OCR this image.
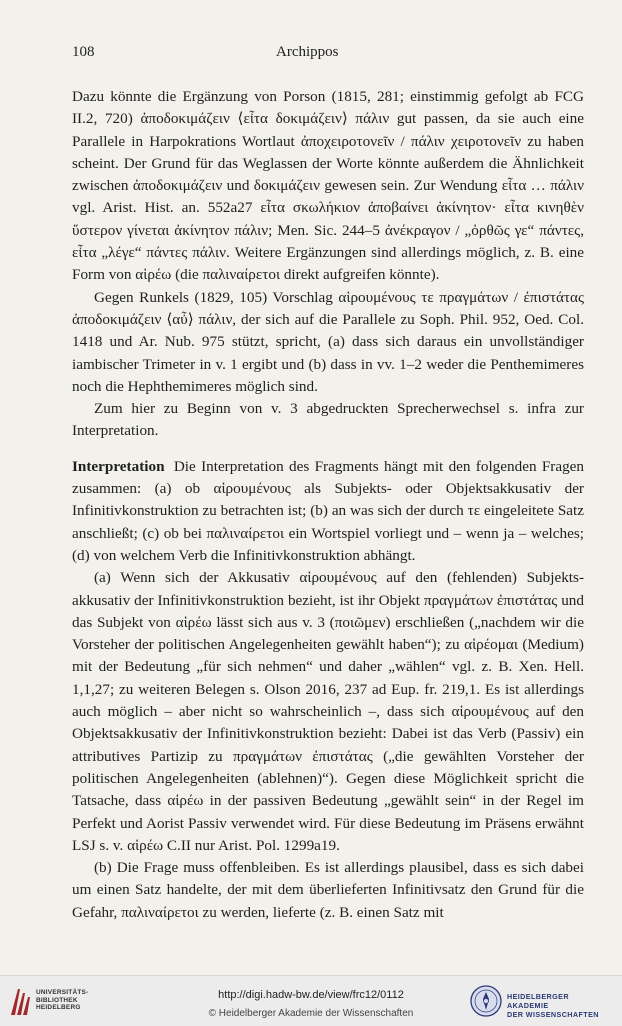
108	Archippos

Dazu könnte die Ergänzung von Porson (1815, 281; einstimmig gefolgt ab FCG II.2, 720) ἀποδοκιμάζειν ⟨εἶτα δοκιμάζειν⟩ πάλιν gut passen, da sie auch eine Parallele in Harpokrations Wortlaut ἀποχειροτονεῖν / πάλιν χειροτονεῖν zu haben scheint. Der Grund für das Weglassen der Worte könnte außerdem die Ähnlichkeit zwischen ἀποδοκιμάζειν und δοκιμάζειν gewesen sein. Zur Wendung εἶτα … πάλιν vgl. Arist. Hist. an. 552a27 εἶτα σκωλήκιον ἀποβαίνει ἀκίνητον· εἶτα κινηθὲν ὕστερον γίνεται ἀκίνητον πάλιν; Men. Sic. 244–5 ἀνέκραγον / „ὀρθῶς γε“ πάντες, εἶτα „λέγε“ πάντες πάλιν. Weitere Ergänzungen sind allerdings möglich, z. B. eine Form von αἱρέω (die παλιναίρετοι direkt aufgreifen könnte).

Gegen Runkels (1829, 105) Vorschlag αἱρουμένους τε πραγμάτων / ἐπιστάτας ἀποδοκιμάζειν ⟨αὖ⟩ πάλιν, der sich auf die Parallele zu Soph. Phil. 952, Oed. Col. 1418 und Ar. Nub. 975 stützt, spricht, (a) dass sich daraus ein unvollständiger iambischer Trimeter in v. 1 ergibt und (b) dass in vv. 1–2 weder die Penthemimeres noch die Hephthemimeres möglich sind.

Zum hier zu Beginn von v. 3 abgedruckten Sprecherwechsel s. infra zur Interpretation.

Interpretation Die Interpretation des Fragments hängt mit den folgenden Fragen zusammen: (a) ob αἱρουμένους als Subjekts- oder Objektsakkusativ der Infinitivkonstruktion zu betrachten ist; (b) an was sich der durch τε eingeleitete Satz anschließt; (c) ob bei παλιναίρετοι ein Wortspiel vorliegt und – wenn ja – welches; (d) von welchem Verb die Infinitivkonstruktion abhängt.

(a) Wenn sich der Akkusativ αἱρουμένους auf den (fehlenden) Subjektsakkusativ der Infinitivkonstruktion bezieht, ist ihr Objekt πραγμάτων ἐπιστάτας und das Subjekt von αἱρέω lässt sich aus v. 3 (ποιῶμεν) erschließen („nachdem wir die Vorsteher der politischen Angelegenheiten gewählt haben“); zu αἱρέομαι (Medium) mit der Bedeutung „für sich nehmen“ und daher „wählen“ vgl. z. B. Xen. Hell. 1,1,27; zu weiteren Belegen s. Olson 2016, 237 ad Eup. fr. 219,1. Es ist allerdings auch möglich – aber nicht so wahrscheinlich –, dass sich αἱρουμένους auf den Objektsakkusativ der Infinitivkonstruktion bezieht: Dabei ist das Verb (Passiv) ein attributives Partizip zu πραγμάτων ἐπιστάτας („die gewählten Vorsteher der politischen Angelegenheiten (ablehnen)“). Gegen diese Möglichkeit spricht die Tatsache, dass αἱρέω in der passiven Bedeutung „gewählt sein“ in der Regel im Perfekt und Aorist Passiv verwendet wird. Für diese Bedeutung im Präsens erwähnt LSJ s. v. αἱρέω C.II nur Arist. Pol. 1299a19.

(b) Die Frage muss offenbleiben. Es ist allerdings plausibel, dass es sich dabei um einen Satz handelte, der mit dem überlieferten Infinitivsatz den Grund für die Gefahr, παλιναίρετοι zu werden, lieferte (z. B. einen Satz mit

UNIVERSITÄTS-
BIBLIOTHEK
HEIDELBERG
http://digi.hadw-bw.de/view/frc12/0112
© Heidelberger Akademie der Wissenschaften
HEIDELBERGER AKADEMIE
DER WISSENSCHAFTEN
